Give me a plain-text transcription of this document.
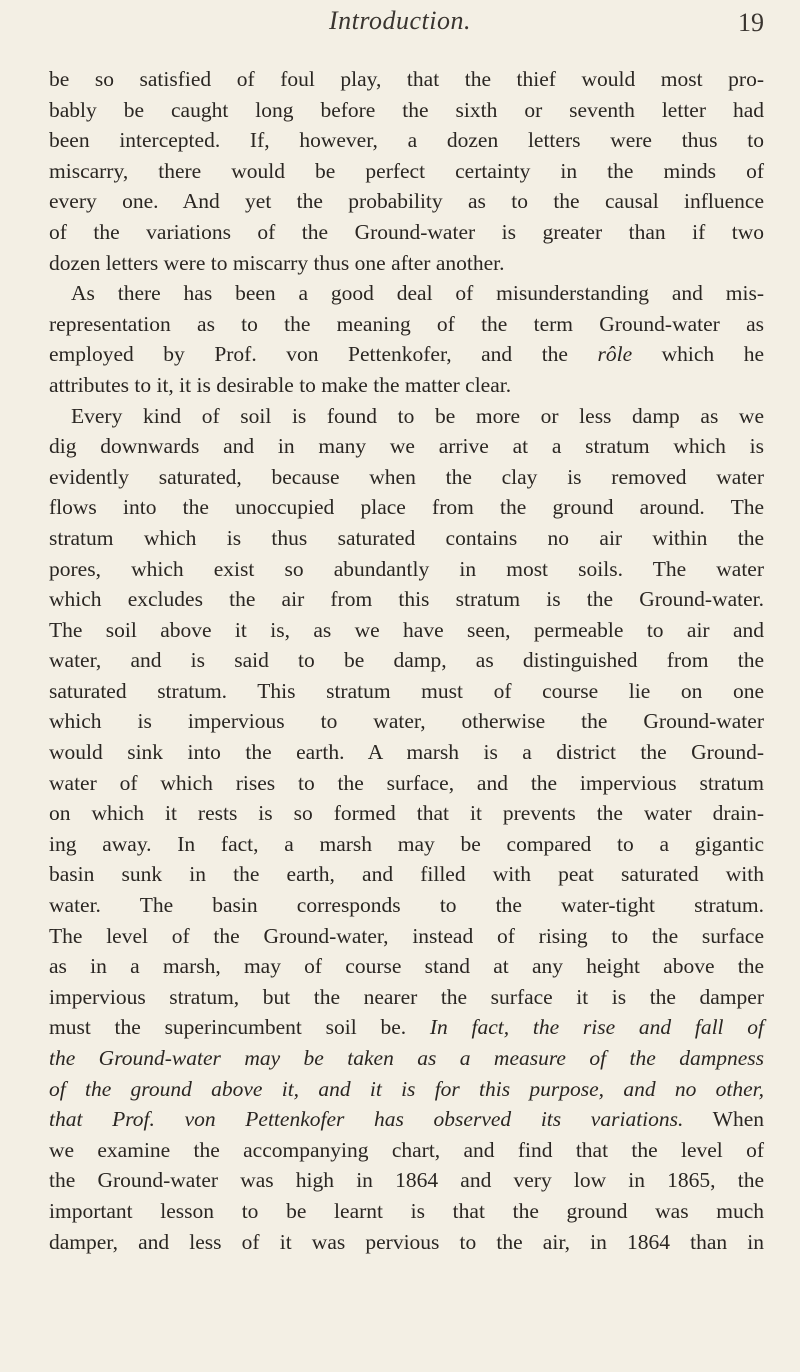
Introduction.	19
be so satisfied of foul play, that the thief would most pro-
bably be caught long before the sixth or seventh letter had
been intercepted. If, however, a dozen letters were thus to
miscarry, there would be perfect certainty in the minds of
every one. And yet the probability as to the causal influence
of the variations of the Ground-water is greater than if two
dozen letters were to miscarry thus one after another.
As there has been a good deal of misunderstanding and mis-
representation as to the meaning of the term Ground-water as
employed by Prof. von Pettenkofer, and the rôle which he
attributes to it, it is desirable to make the matter clear.
Every kind of soil is found to be more or less damp as we
dig downwards and in many we arrive at a stratum which is
evidently saturated, because when the clay is removed water
flows into the unoccupied place from the ground around. The
stratum which is thus saturated contains no air within the
pores, which exist so abundantly in most soils. The water
which excludes the air from this stratum is the Ground-water.
The soil above it is, as we have seen, permeable to air and
water, and is said to be damp, as distinguished from the
saturated stratum. This stratum must of course lie on one
which is impervious to water, otherwise the Ground-water
would sink into the earth. A marsh is a district the Ground-
water of which rises to the surface, and the impervious stratum
on which it rests is so formed that it prevents the water drain-
ing away. In fact, a marsh may be compared to a gigantic
basin sunk in the earth, and filled with peat saturated with
water. The basin corresponds to the water-tight stratum.
The level of the Ground-water, instead of rising to the surface
as in a marsh, may of course stand at any height above the
impervious stratum, but the nearer the surface it is the damper
must the superincumbent soil be. In fact, the rise and fall of
the Ground-water may be taken as a measure of the dampness
of the ground above it, and it is for this purpose, and no other,
that Prof. von Pettenkofer has observed its variations. When
we examine the accompanying chart, and find that the level of
the Ground-water was high in 1864 and very low in 1865, the
important lesson to be learnt is that the ground was much
damper, and less of it was pervious to the air, in 1864 than in
